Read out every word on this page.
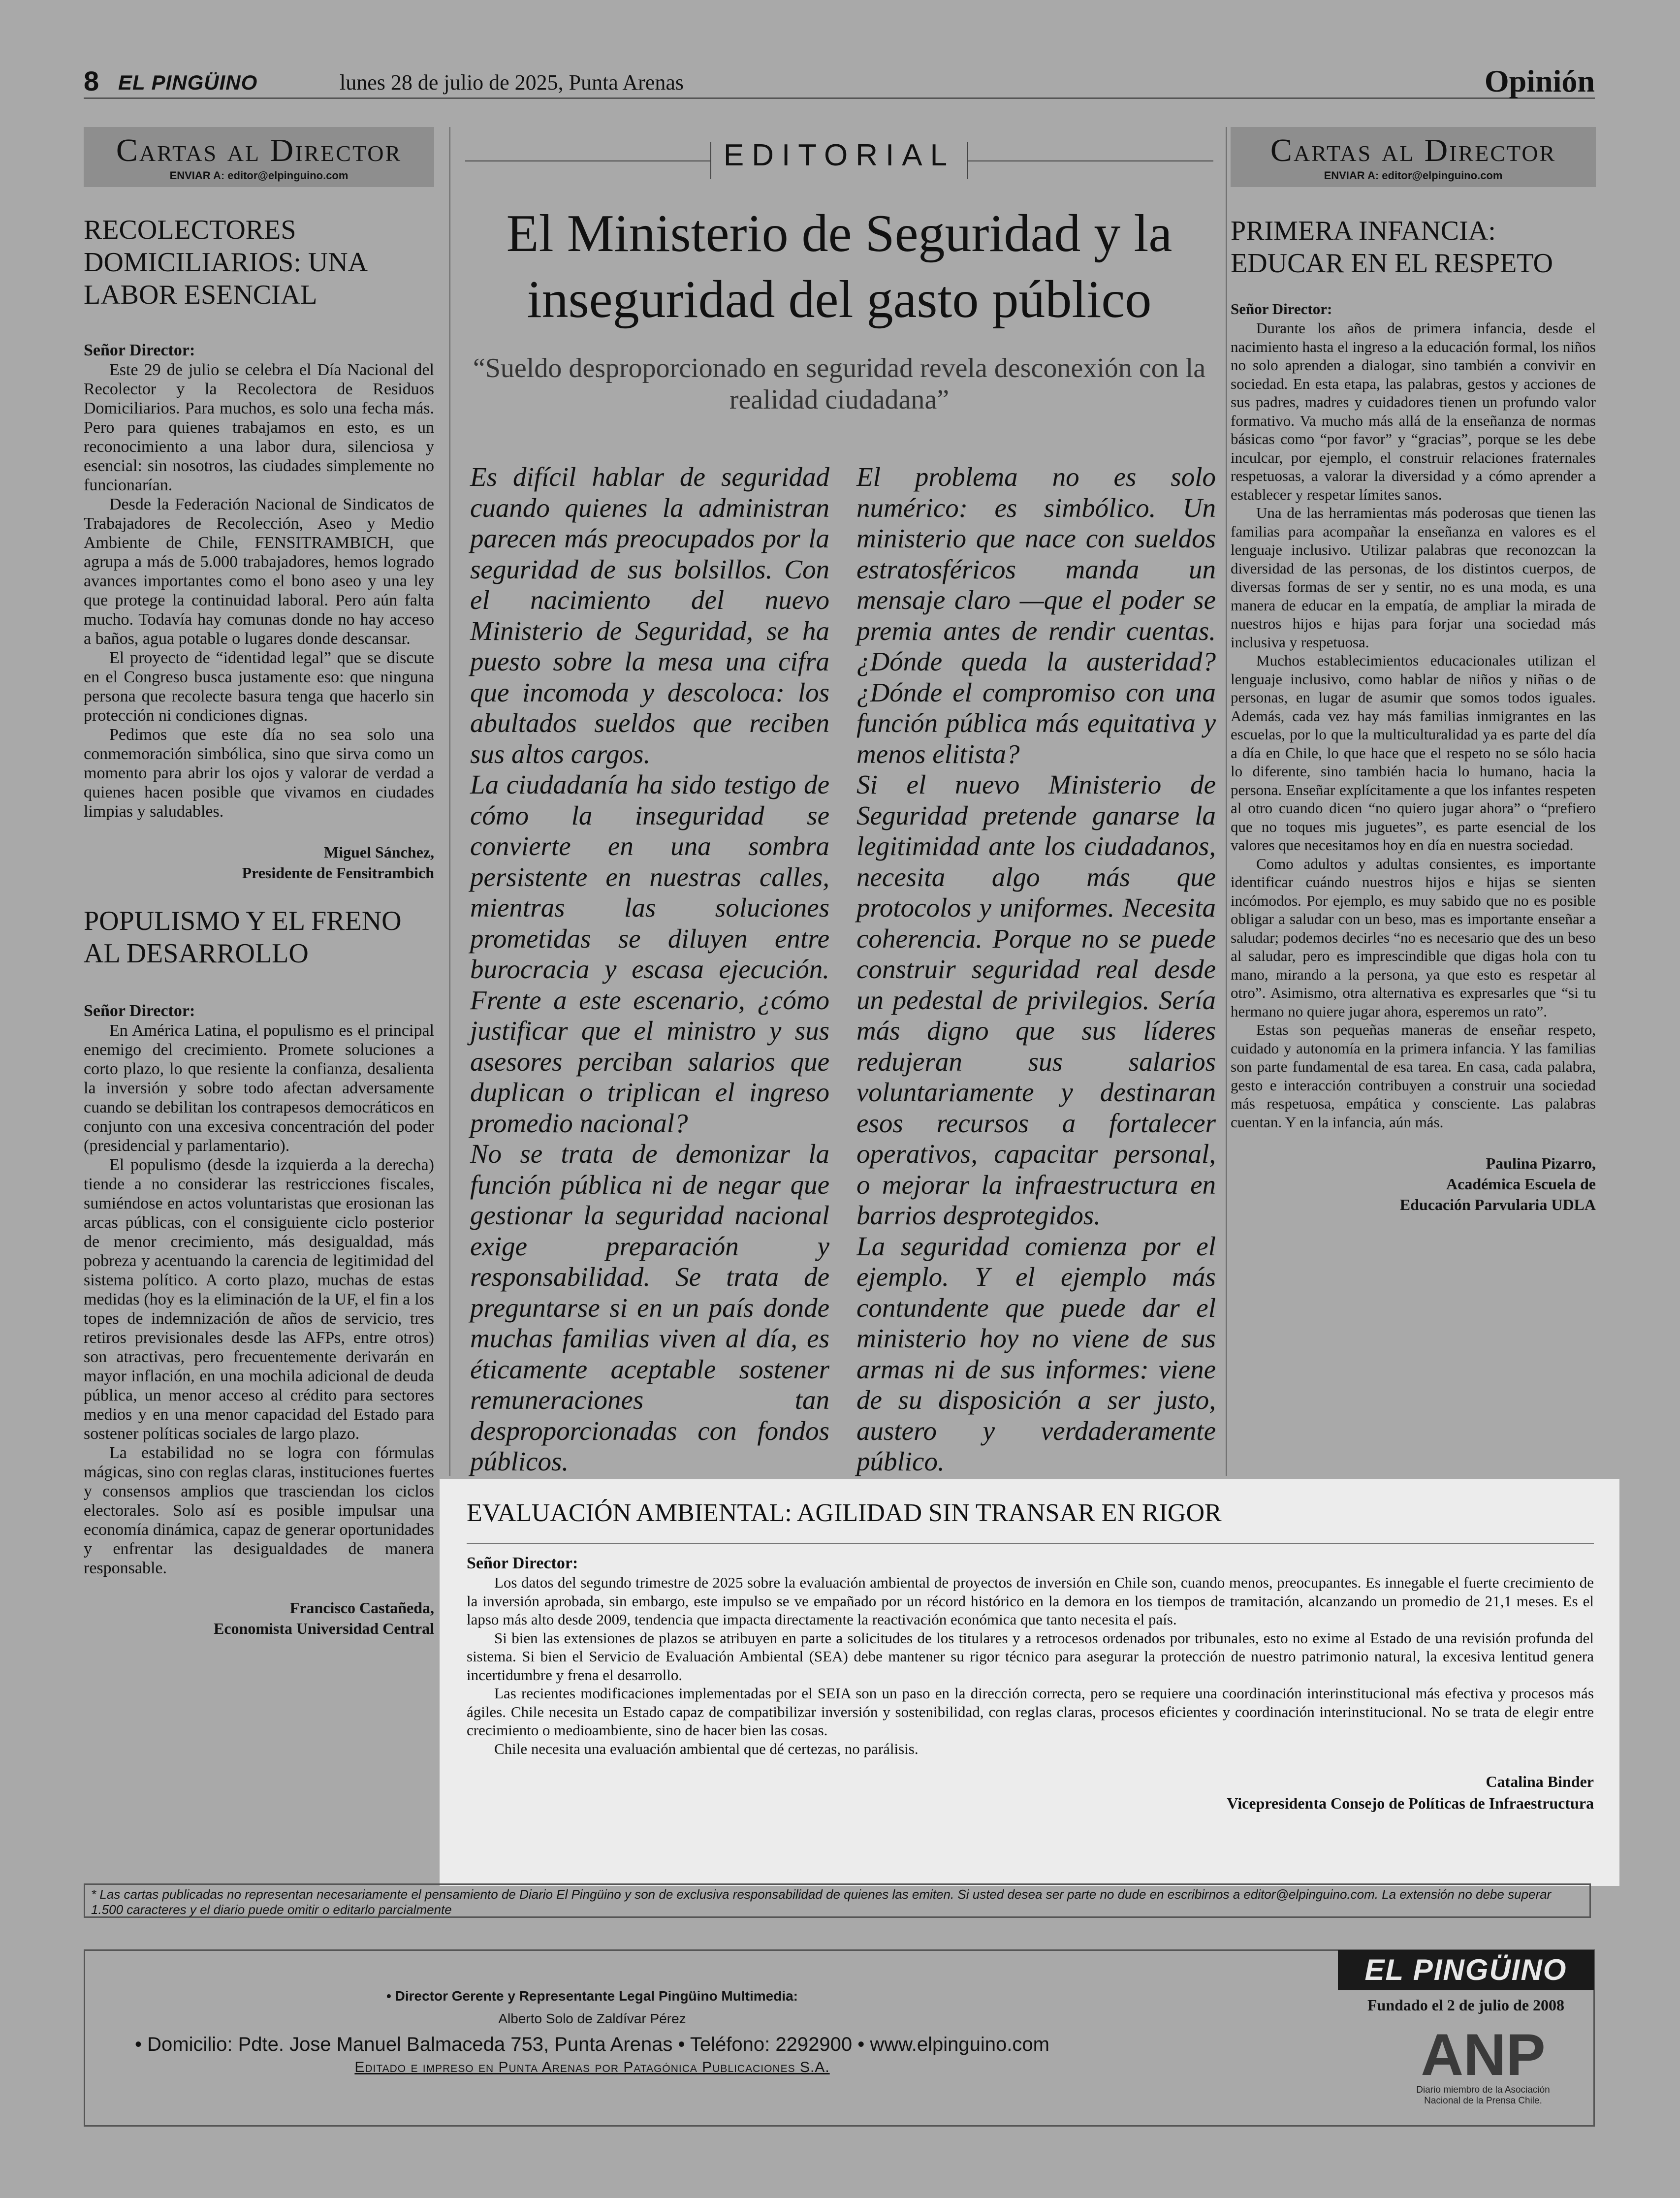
8 EL PINGÜINO	lunes 28 de julio de 2025, Punta Arenas	Opinión
Cartas al Director
ENVIAR A: editor@elpinguino.com
RECOLECTORES DOMICILIARIOS: UNA LABOR ESENCIAL
Señor Director:

Este 29 de julio se celebra el Día Nacional del Recolector y la Recolectora de Residuos Domiciliarios. Para muchos, es solo una fecha más. Pero para quienes trabajamos en esto, es un reconocimiento a una labor dura, silenciosa y esencial: sin nosotros, las ciudades simplemente no funcionarían.

Desde la Federación Nacional de Sindicatos de Trabajadores de Recolección, Aseo y Medio Ambiente de Chile, FENSITRAMBICH, que agrupa a más de 5.000 trabajadores, hemos logrado avances importantes como el bono aseo y una ley que protege la continuidad laboral. Pero aún falta mucho. Todavía hay comunas donde no hay acceso a baños, agua potable o lugares donde descansar.

El proyecto de “identidad legal” que se discute en el Congreso busca justamente eso: que ninguna persona que recolecte basura tenga que hacerlo sin protección ni condiciones dignas.

Pedimos que este día no sea solo una conmemoración simbólica, sino que sirva como un momento para abrir los ojos y valorar de verdad a quienes hacen posible que vivamos en ciudades limpias y saludables.

Miguel Sánchez,
Presidente de Fensitrambich
POPULISMO Y EL FRENO AL DESARROLLO
Señor Director:

En América Latina, el populismo es el principal enemigo del crecimiento. Promete soluciones a corto plazo, lo que resiente la confianza, desalienta la inversión y sobre todo afectan adversamente cuando se debilitan los contrapesos democráticos en conjunto con una excesiva concentración del poder (presidencial y parlamentario).

El populismo (desde la izquierda a la derecha) tiende a no considerar las restricciones fiscales, sumiéndose en actos voluntaristas que erosionan las arcas públicas, con el consiguiente ciclo posterior de menor crecimiento, más desigualdad, más pobreza y acentuando la carencia de legitimidad del sistema político. A corto plazo, muchas de estas medidas (hoy es la eliminación de la UF, el fin a los topes de indemnización de años de servicio, tres retiros previsionales desde las AFPs, entre otros) son atractivas, pero frecuentemente derivarán en mayor inflación, en una mochila adicional de deuda pública, un menor acceso al crédito para sectores medios y en una menor capacidad del Estado para sostener políticas sociales de largo plazo.

La estabilidad no se logra con fórmulas mágicas, sino con reglas claras, instituciones fuertes y consensos amplios que trasciendan los ciclos electorales. Solo así es posible impulsar una economía dinámica, capaz de generar oportunidades y enfrentar las desigualdades de manera responsable.

Francisco Castañeda,
Economista Universidad Central
EDITORIAL
El Ministerio de Seguridad y la inseguridad del gasto público
“Sueldo desproporcionado en seguridad revela desconexión con la realidad ciudadana”

Es difícil hablar de seguridad cuando quienes la administran parecen más preocupados por la seguridad de sus bolsillos. Con el nacimiento del nuevo Ministerio de Seguridad, se ha puesto sobre la mesa una cifra que incomoda y descoloca: los abultados sueldos que reciben sus altos cargos.

La ciudadanía ha sido testigo de cómo la inseguridad se convierte en una sombra persistente en nuestras calles, mientras las soluciones prometidas se diluyen entre burocracia y escasa ejecución. Frente a este escenario, ¿cómo justificar que el ministro y sus asesores perciban salarios que duplican o triplican el ingreso promedio nacional?

No se trata de demonizar la función pública ni de negar que gestionar la seguridad nacional exige preparación y responsabilidad. Se trata de preguntarse si en un país donde muchas familias viven al día, es éticamente aceptable sostener remuneraciones tan desproporcionadas con fondos públicos.

El problema no es solo numérico: es simbólico. Un ministerio que nace con sueldos estratosféricos manda un mensaje claro —que el poder se premia antes de rendir cuentas. ¿Dónde queda la austeridad? ¿Dónde el compromiso con una función pública más equitativa y menos elitista?

Si el nuevo Ministerio de Seguridad pretende ganarse la legitimidad ante los ciudadanos, necesita algo más que protocolos y uniformes. Necesita coherencia. Porque no se puede construir seguridad real desde un pedestal de privilegios. Sería más digno que sus líderes redujeran sus salarios voluntariamente y destinaran esos recursos a fortalecer operativos, capacitar personal, o mejorar la infraestructura en barrios desprotegidos.

La seguridad comienza por el ejemplo. Y el ejemplo más contundente que puede dar el ministerio hoy no viene de sus armas ni de sus informes: viene de su disposición a ser justo, austero y verdaderamente público.

Cartas al Director
ENVIAR A: editor@elpinguino.com
PRIMERA INFANCIA: EDUCAR EN EL RESPETO
Señor Director:

Durante los años de primera infancia, desde el nacimiento hasta el ingreso a la educación formal, los niños no solo aprenden a dialogar, sino también a convivir en sociedad. En esta etapa, las palabras, gestos y acciones de sus padres, madres y cuidadores tienen un profundo valor formativo. Va mucho más allá de la enseñanza de normas básicas como “por favor” y “gracias”, porque se les debe inculcar, por ejemplo, el construir relaciones fraternales respetuosas, a valorar la diversidad y a cómo aprender a establecer y respetar límites sanos.

Una de las herramientas más poderosas que tienen las familias para acompañar la enseñanza en valores es el lenguaje inclusivo. Utilizar palabras que reconozcan la diversidad de las personas, de los distintos cuerpos, de diversas formas de ser y sentir, no es una moda, es una manera de educar en la empatía, de ampliar la mirada de nuestros hijos e hijas para forjar una sociedad más inclusiva y respetuosa.

Muchos establecimientos educacionales utilizan el lenguaje inclusivo, como hablar de niños y niñas o de personas, en lugar de asumir que somos todos iguales. Además, cada vez hay más familias inmigrantes en las escuelas, por lo que la multiculturalidad ya es parte del día a día en Chile, lo que hace que el respeto no se sólo hacia lo diferente, sino también hacia lo humano, hacia la persona. Enseñar explícitamente a que los infantes respeten al otro cuando dicen “no quiero jugar ahora” o “prefiero que no toques mis juguetes”, es parte esencial de los valores que necesitamos hoy en día en nuestra sociedad.

Como adultos y adultas consientes, es importante identificar cuándo nuestros hijos e hijas se sienten incómodos. Por ejemplo, es muy sabido que no es posible obligar a saludar con un beso, mas es importante enseñar a saludar; podemos decirles “no es necesario que des un beso al saludar, pero es imprescindible que digas hola con tu mano, mirando a la persona, ya que esto es respetar al otro”. Asimismo, otra alternativa es expresarles que “si tu hermano no quiere jugar ahora, esperemos un rato”.

Estas son pequeñas maneras de enseñar respeto, cuidado y autonomía en la primera infancia. Y las familias son parte fundamental de esa tarea. En casa, cada palabra, gesto e interacción contribuyen a construir una sociedad más respetuosa, empática y consciente. Las palabras cuentan. Y en la infancia, aún más.

Paulina Pizarro,
Académica Escuela de
Educación Parvularia UDLA
EVALUACIÓN AMBIENTAL: AGILIDAD SIN TRANSAR EN RIGOR
Señor Director:

Los datos del segundo trimestre de 2025 sobre la evaluación ambiental de proyectos de inversión en Chile son, cuando menos, preocupantes. Es innegable el fuerte crecimiento de la inversión aprobada, sin embargo, este impulso se ve empañado por un récord histórico en la demora en los tiempos de tramitación, alcanzando un promedio de 21,1 meses. Es el lapso más alto desde 2009, tendencia que impacta directamente la reactivación económica que tanto necesita el país.

Si bien las extensiones de plazos se atribuyen en parte a solicitudes de los titulares y a retrocesos ordenados por tribunales, esto no exime al Estado de una revisión profunda del sistema. Si bien el Servicio de Evaluación Ambiental (SEA) debe mantener su rigor técnico para asegurar la protección de nuestro patrimonio natural, la excesiva lentitud genera incertidumbre y frena el desarrollo.

Las recientes modificaciones implementadas por el SEIA son un paso en la dirección correcta, pero se requiere una coordinación interinstitucional más efectiva y procesos más ágiles. Chile necesita un Estado capaz de compatibilizar inversión y sostenibilidad, con reglas claras, procesos eficientes y coordinación interinstitucional. No se trata de elegir entre crecimiento o medioambiente, sino de hacer bien las cosas.

Chile necesita una evaluación ambiental que dé certezas, no parálisis.

Catalina Binder
Vicepresidenta Consejo de Políticas de Infraestructura
* Las cartas publicadas no representan necesariamente el pensamiento de Diario El Pingüino y son de exclusiva responsabilidad de quienes las emiten. Si usted desea ser parte no dude en escribirnos a editor@elpinguino.com. La extensión no debe superar 1.500 caracteres y el diario puede omitir o editarlo parcialmente
• Director Gerente y Representante Legal Pingüino Multimedia:
Alberto Solo de Zaldívar Pérez
• Domicilio: Pdte. Jose Manuel Balmaceda 753, Punta Arenas • Teléfono: 2292900 • www.elpinguino.com
Editado e impreso en Punta Arenas por Patagónica Publicaciones S.A.
EL PINGÜINO
Fundado el 2 de julio de 2008
ANP
Diario miembro de la Asociación Nacional de la Prensa Chile.
